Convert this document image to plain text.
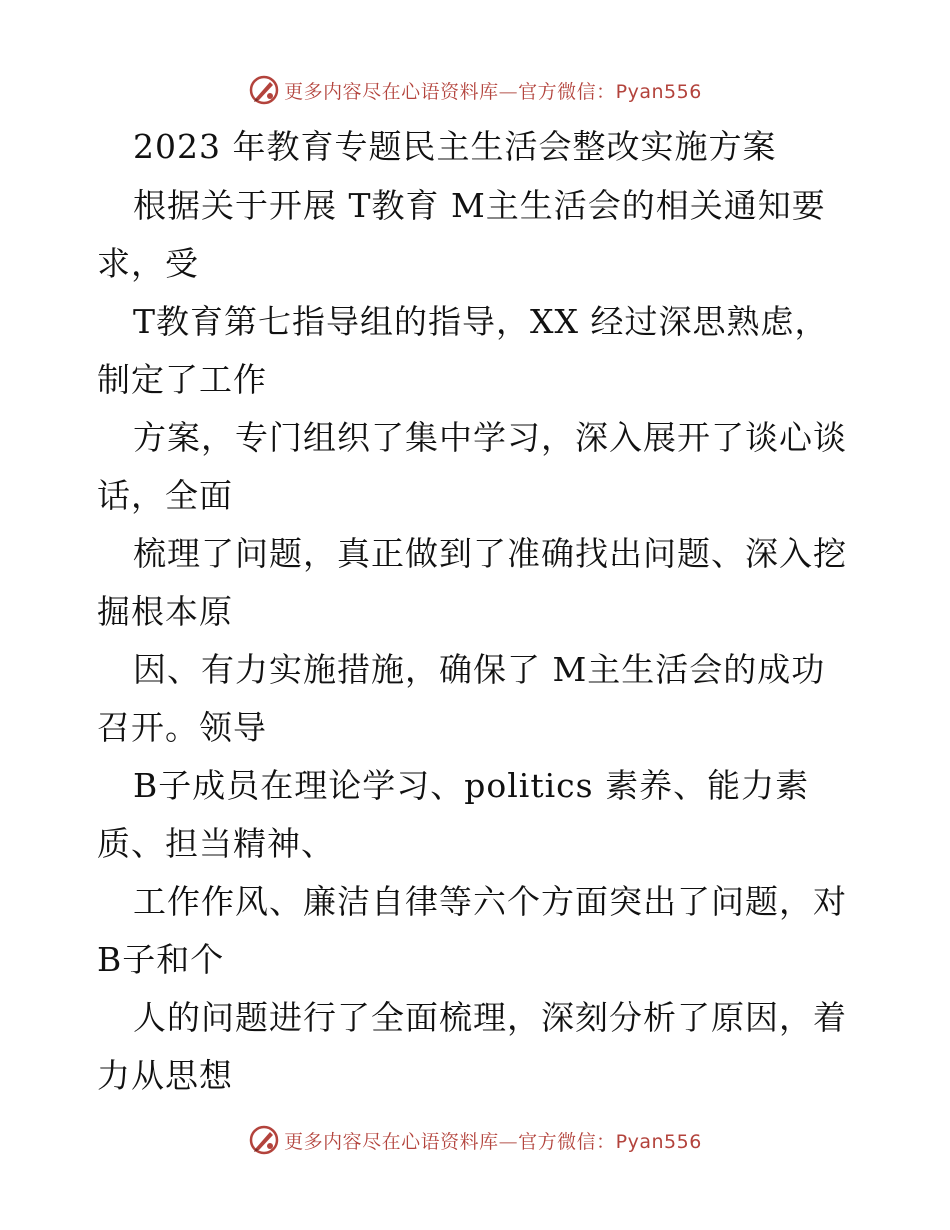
更多内容尽在心语资料库—官方微信：Pyan556
2023 年教育专题民主生活会整改实施方案
根据关于开展 T教育 M主生活会的相关通知要
求，受
T教育第七指导组的指导，XX 经过深思熟虑，
制定了工作
方案，专门组织了集中学习，深入展开了谈心谈
话，全面
梳理了问题，真正做到了准确找出问题、深入挖
掘根本原
因、有力实施措施，确保了 M主生活会的成功
召开。领导
B子成员在理论学习、politics 素养、能力素
质、担当精神、
工作作风、廉洁自律等六个方面突出了问题，对
B子和个
人的问题进行了全面梳理，深刻分析了原因，着
力从思想
更多内容尽在心语资料库—官方微信：Pyan556
